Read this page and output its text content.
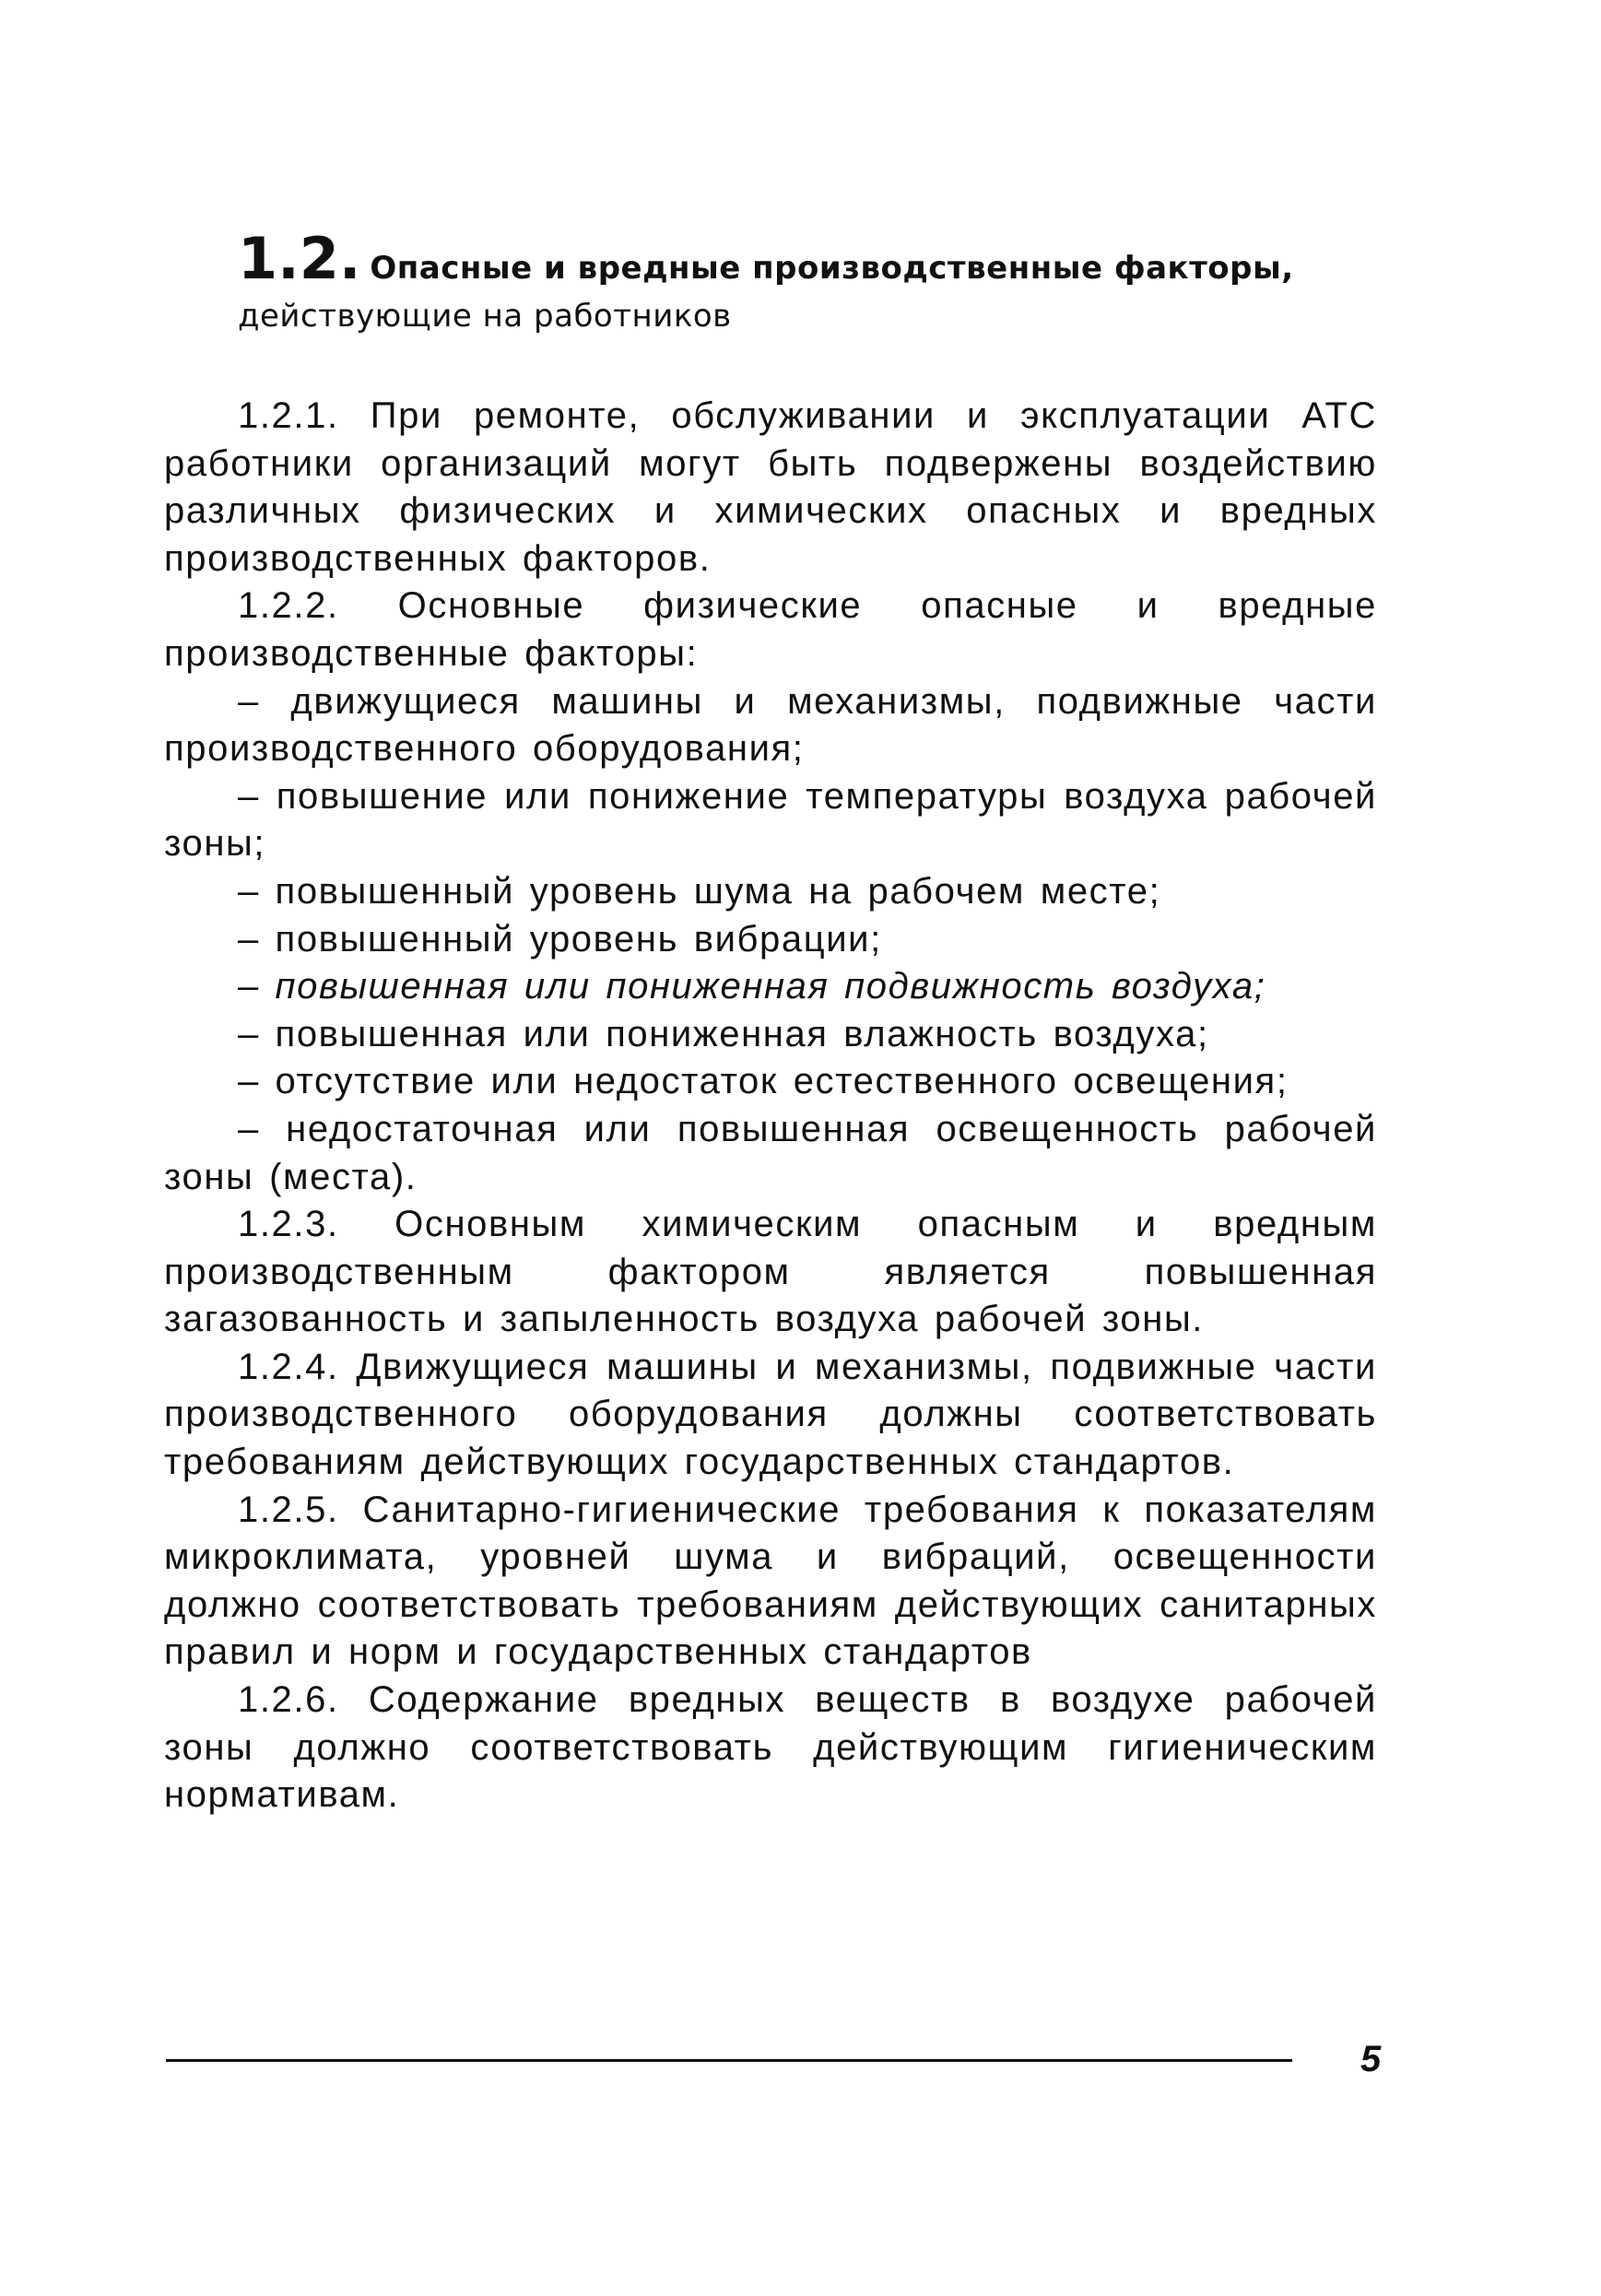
1.2. Опасные и вредные производственные факторы,
действующие на работников

1.2.1. При ремонте, обслуживании и эксплуатации АТС работники организаций могут быть подвержены воздействию различных физических и химических опасных и вредных производственных факторов.

1.2.2. Основные физические опасные и вредные производственные факторы:

– движущиеся машины и механизмы, подвижные части производственного оборудования;

– повышение или понижение температуры воздуха рабочей зоны;

– повышенный уровень шума на рабочем месте;

– повышенный уровень вибрации;

– повышенная или пониженная подвижность воздуха;

– повышенная или пониженная влажность воздуха;

– отсутствие или недостаток естественного освещения;

– недостаточная или повышенная освещенность рабочей зоны (места).

1.2.3. Основным химическим опасным и вредным производственным фактором является повышенная загазованность и запыленность воздуха рабочей зоны.

1.2.4. Движущиеся машины и механизмы, подвижные части производственного оборудования должны соответствовать требованиям действующих государственных стандартов.

1.2.5. Санитарно-гигиенические требования к показателям микроклимата, уровней шума и вибраций, освещенности должно соответствовать требованиям действующих санитарных правил и норм и государственных стандартов

1.2.6. Содержание вредных веществ в воздухе рабочей зоны должно соответствовать действующим гигиеническим нормативам.

5
